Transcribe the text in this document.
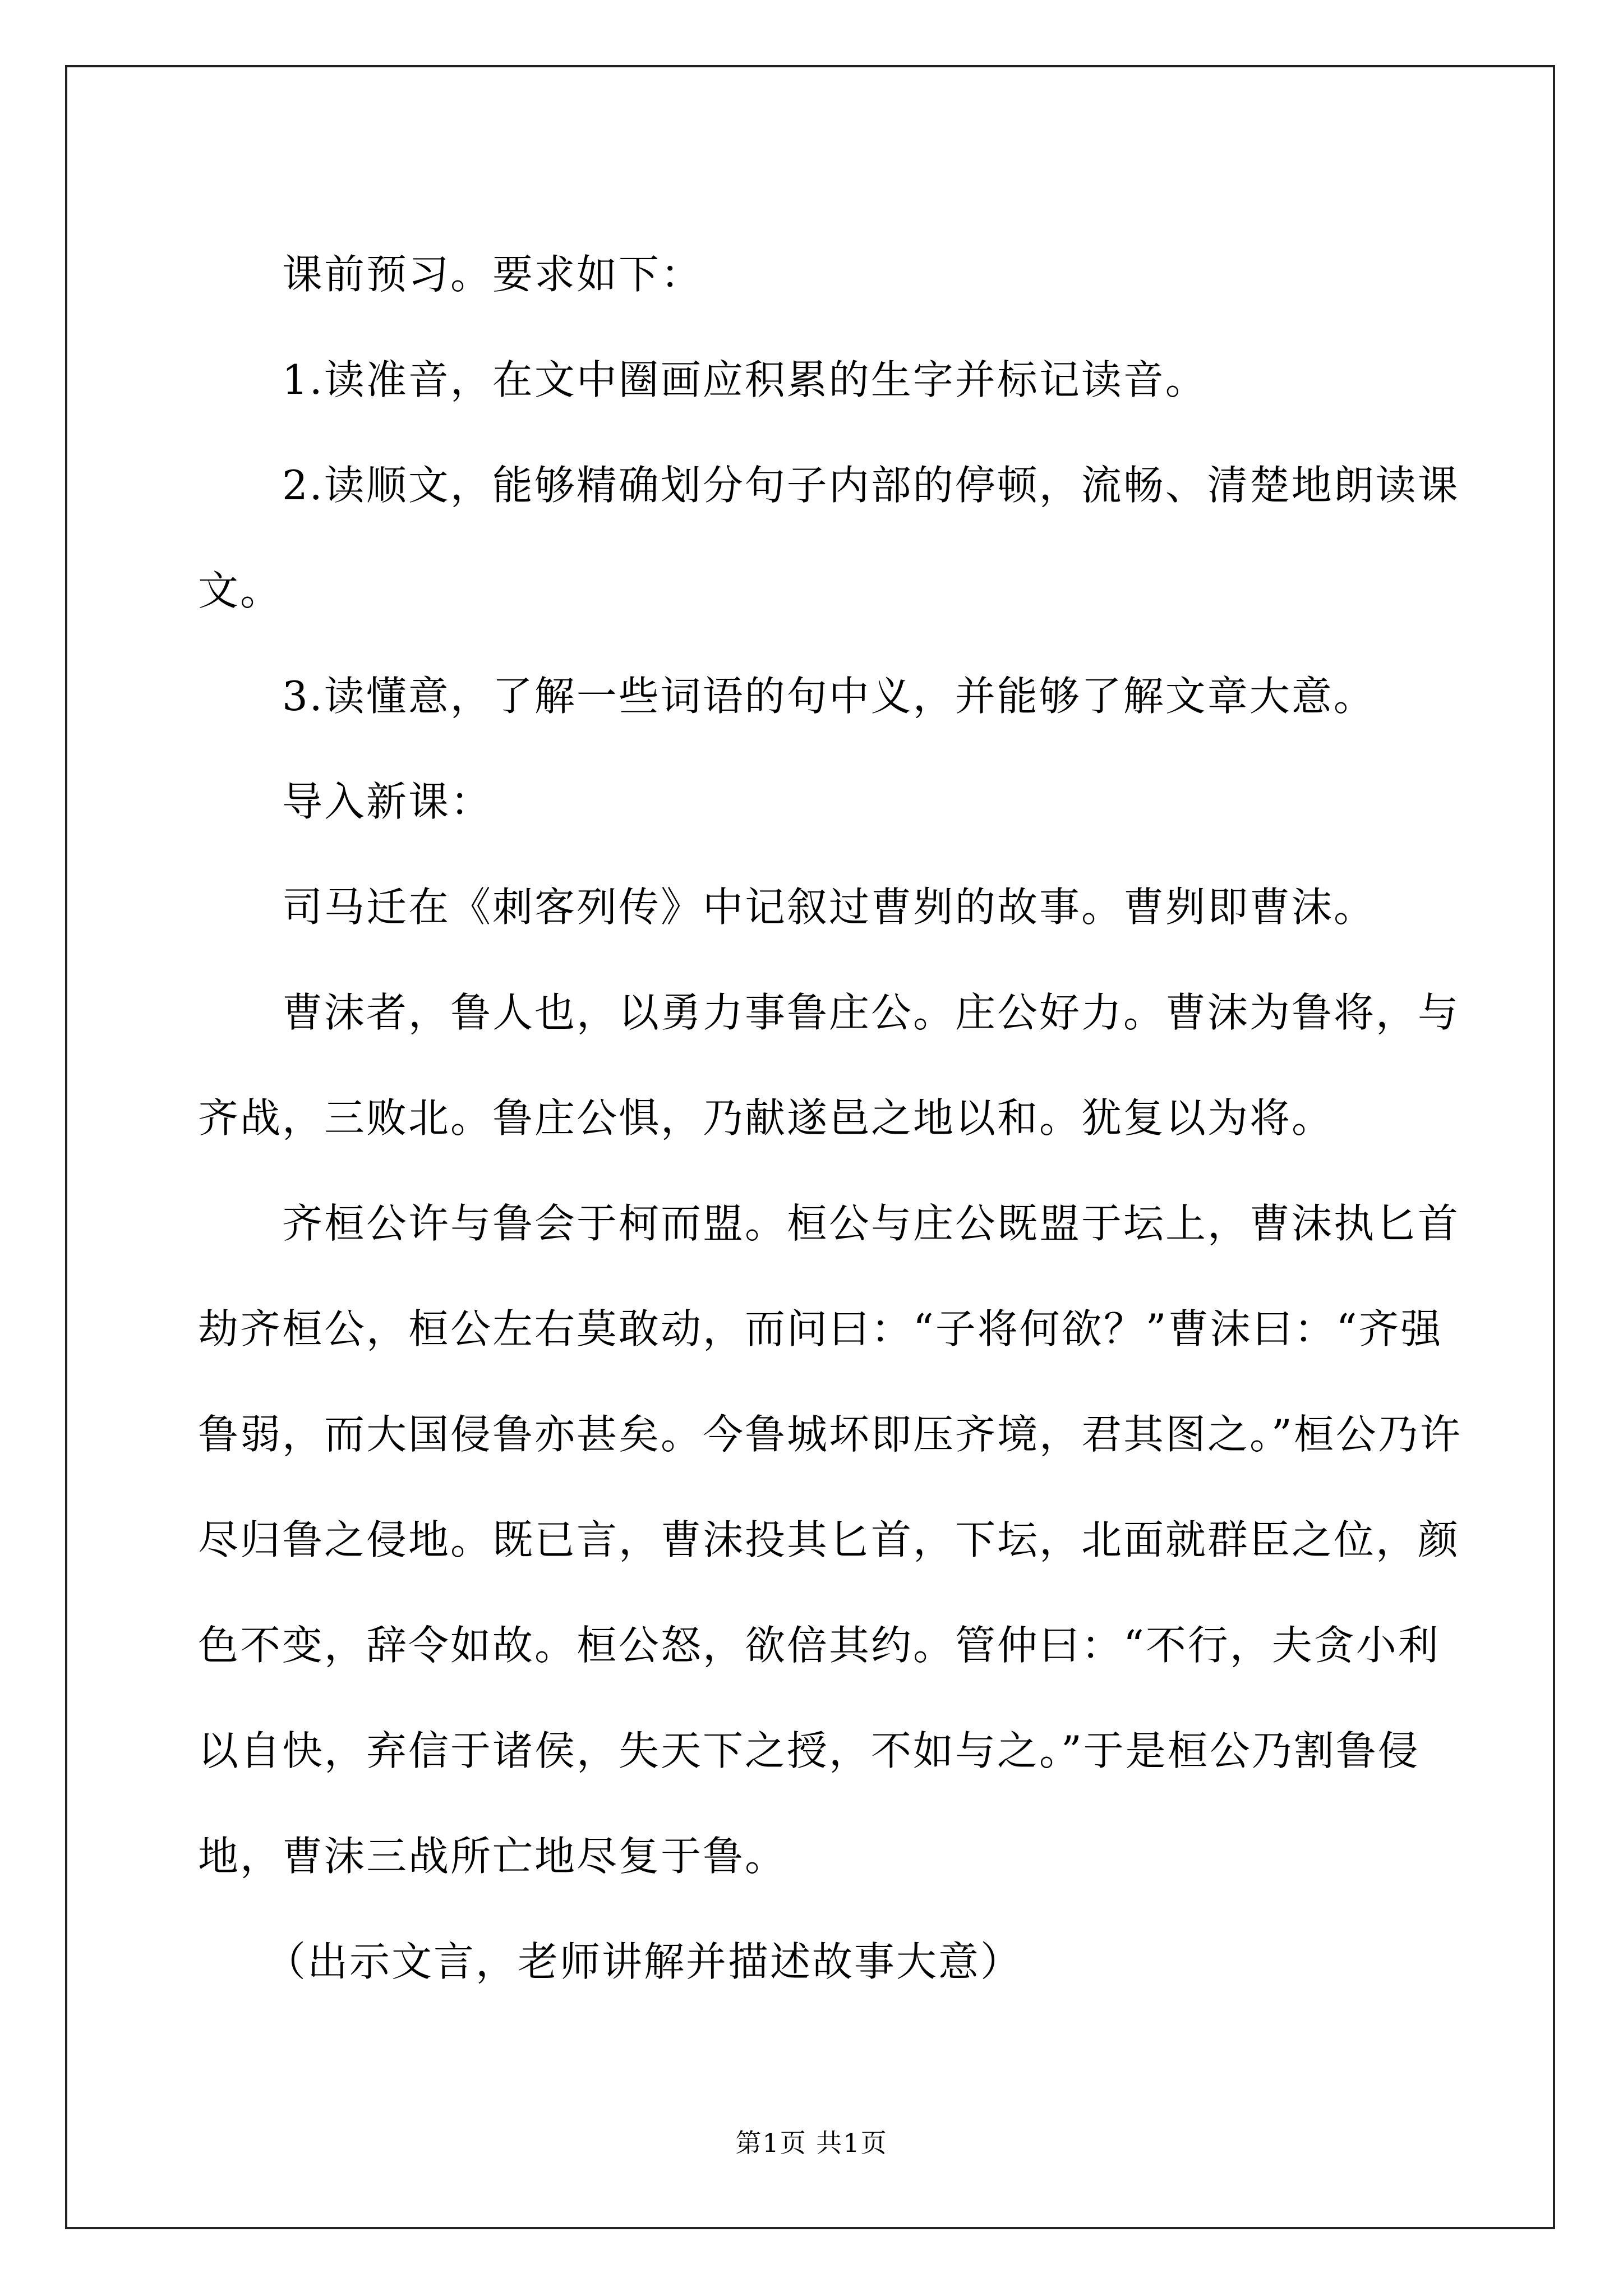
课前预习。要求如下：

1.读准音，在文中圈画应积累的生字并标记读音。

2.读顺文，能够精确划分句子内部的停顿，流畅、清楚地朗读课文。

3.读懂意，了解一些词语的句中义，并能够了解文章大意。

导入新课：

司马迁在《刺客列传》中记叙过曹刿的故事。曹刿即曹沫。

曹沫者，鲁人也，以勇力事鲁庄公。庄公好力。曹沫为鲁将，与齐战，三败北。鲁庄公惧，乃献遂邑之地以和。犹复以为将。

齐桓公许与鲁会于柯而盟。桓公与庄公既盟于坛上，曹沫执匕首劫齐桓公，桓公左右莫敢动，而问曰：“子将何欲？”曹沫曰：“齐强鲁弱，而大国侵鲁亦甚矣。今鲁城坏即压齐境，君其图之。”桓公乃许尽归鲁之侵地。既已言，曹沫投其匕首，下坛，北面就群臣之位，颜色不变，辞令如故。桓公怒，欲倍其约。管仲曰：“不行，夫贪小利以自快，弃信于诸侯，失天下之授，不如与之。”于是桓公乃割鲁侵地，曹沫三战所亡地尽复于鲁。

（出示文言，老师讲解并描述故事大意）

第1页 共1页
